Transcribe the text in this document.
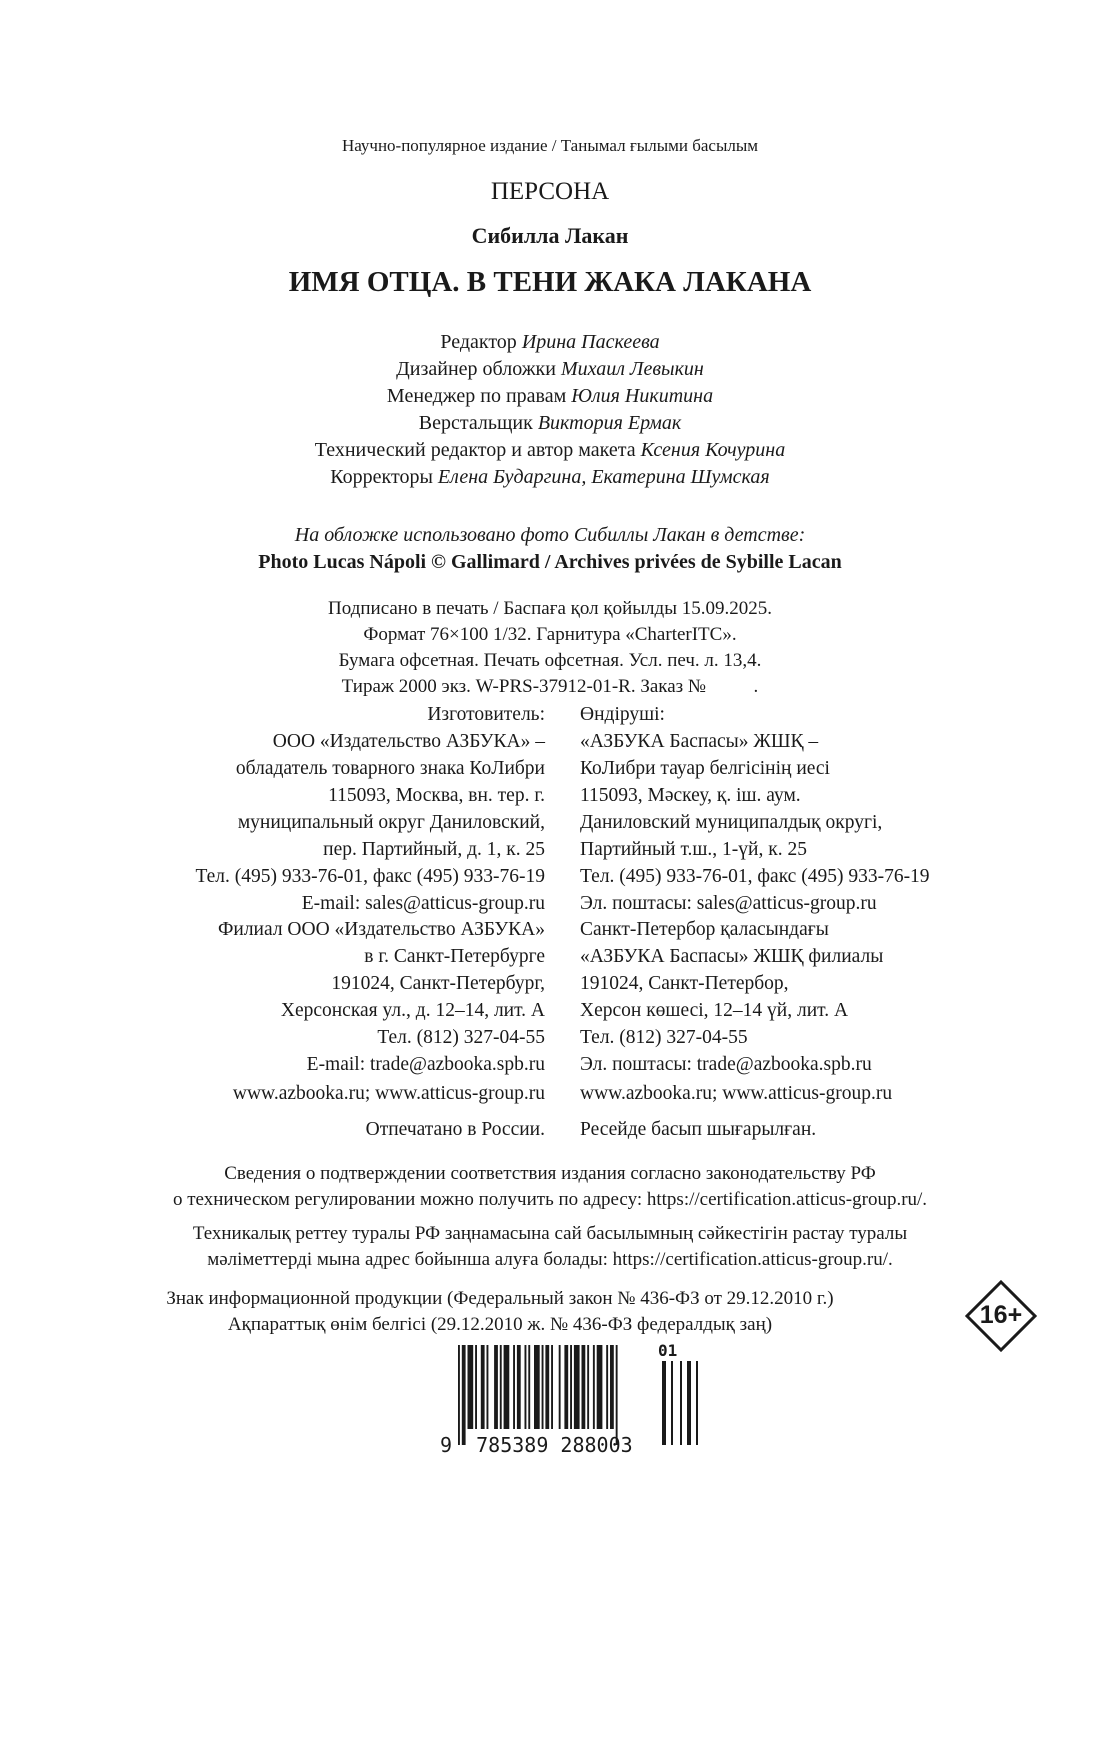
Научно-популярное издание / Танымал ғылыми басылым
ПЕРСОНА
Сибилла Лакан
ИМЯ ОТЦА. В ТЕНИ ЖАКА ЛАКАНА
Редактор Ирина Паскеева
Дизайнер обложки Михаил Левыкин
Менеджер по правам Юлия Никитина
Верстальщик Виктория Ермак
Технический редактор и автор макета Ксения Кочурина
Корректоры Елена Бударгина, Екатерина Шумская
На обложке использовано фото Сибиллы Лакан в детстве:
Photo Lucas Nápoli © Gallimard / Archives privées de Sybille Lacan
Подписано в печать / Баспаға қол қойылды 15.09.2025.
Формат 76×100 1/32. Гарнитура «CharterITC».
Бумага офсетная. Печать офсетная. Усл. печ. л. 13,4.
Тираж 2000 экз. W-PRS-37912-01-R. Заказ №          .
Изготовитель:
ООО «Издательство АЗБУКА» –
обладатель товарного знака КоЛибри
115093, Москва, вн. тер. г.
муниципальный округ Даниловский,
пер. Партийный, д. 1, к. 25
Тел. (495) 933-76-01, факс (495) 933-76-19
E-mail: sales@atticus-group.ru
Өндіруші:
«АЗБУКА Баспасы» ЖШҚ –
КоЛибри тауар белгісінің иесі
115093, Мәскеу, қ. іш. аум.
Даниловский муниципалдық округі,
Партийный т.ш., 1-үй, к. 25
Тел. (495) 933-76-01, факс (495) 933-76-19
Эл. поштасы: sales@atticus-group.ru
Филиал ООО «Издательство АЗБУКА»
в г. Санкт-Петербурге
191024, Санкт-Петербург,
Херсонская ул., д. 12–14, лит. А
Тел. (812) 327-04-55
E-mail: trade@azbooka.spb.ru
Санкт-Петербор қаласындағы
«АЗБУКА Баспасы» ЖШҚ филиалы
191024, Санкт-Петербор,
Херсон көшесі, 12–14 үй, лит. А
Тел. (812) 327-04-55
Эл. поштасы: trade@azbooka.spb.ru
www.azbooka.ru; www.atticus-group.ru www.azbooka.ru; www.atticus-group.ru
Отпечатано в России. Ресейде басып шығарылған.
Сведения о подтверждении соответствия издания согласно законодательству РФ
о техническом регулировании можно получить по адресу: https://certification.atticus-group.ru/.
Техникалық реттеу туралы РФ заңнамасына сай басылымның сәйкестігін растау туралы
мәліметтерді мына адрес бойынша алуға болады: https://certification.atticus-group.ru/.
Знак информационной продукции (Федеральный закон № 436-ФЗ от 29.12.2010 г.)
Ақпараттық өнім белгісі (29.12.2010 ж. № 436-ФЗ федералдық заң)	16+
9 785389 288003
01
